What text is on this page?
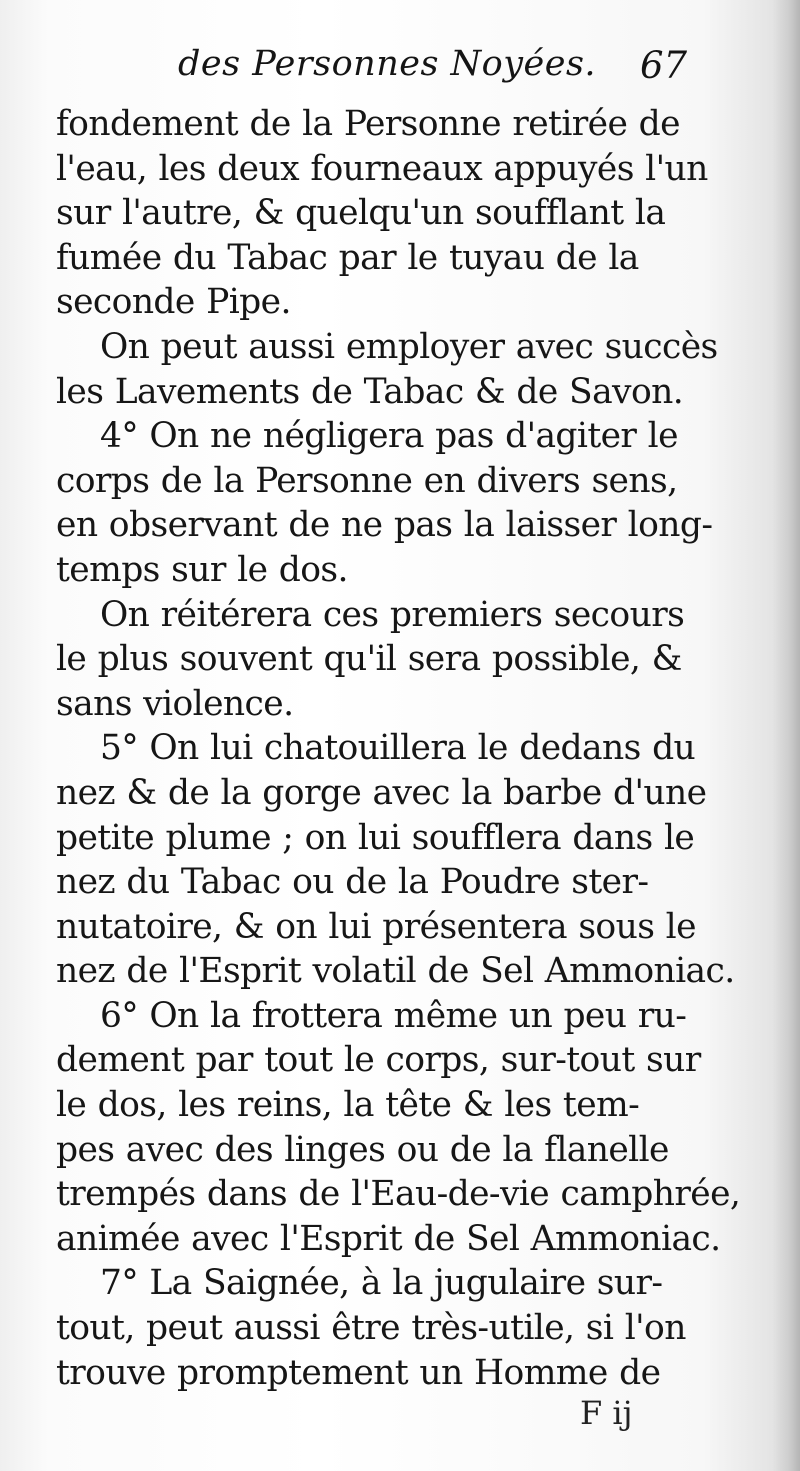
des Personnes Noyées. 67
fondement de la Personne retirée de
l'eau, les deux fourneaux appuyés l'un
sur l'autre, & quelqu'un soufflant la
fumée du Tabac par le tuyau de la
seconde Pipe.
On peut aussi employer avec succès
les Lavements de Tabac & de Savon.
4° On ne négligera pas d'agiter le
corps de la Personne en divers sens,
en observant de ne pas la laisser long-
temps sur le dos.
On réitérera ces premiers secours
le plus souvent qu'il sera possible, &
sans violence.
5° On lui chatouillera le dedans du
nez & de la gorge avec la barbe d'une
petite plume ; on lui soufflera dans le
nez du Tabac ou de la Poudre ster-
nutatoire, & on lui présentera sous le
nez de l'Esprit volatil de Sel Ammoniac.
6° On la frottera même un peu ru-
dement par tout le corps, sur-tout sur
le dos, les reins, la tête & les tem-
pes avec des linges ou de la flanelle
trempés dans de l'Eau-de-vie camphrée,
animée avec l'Esprit de Sel Ammoniac.
7° La Saignée, à la jugulaire sur-
tout, peut aussi être très-utile, si l'on
trouve promptement un Homme de
F ij
